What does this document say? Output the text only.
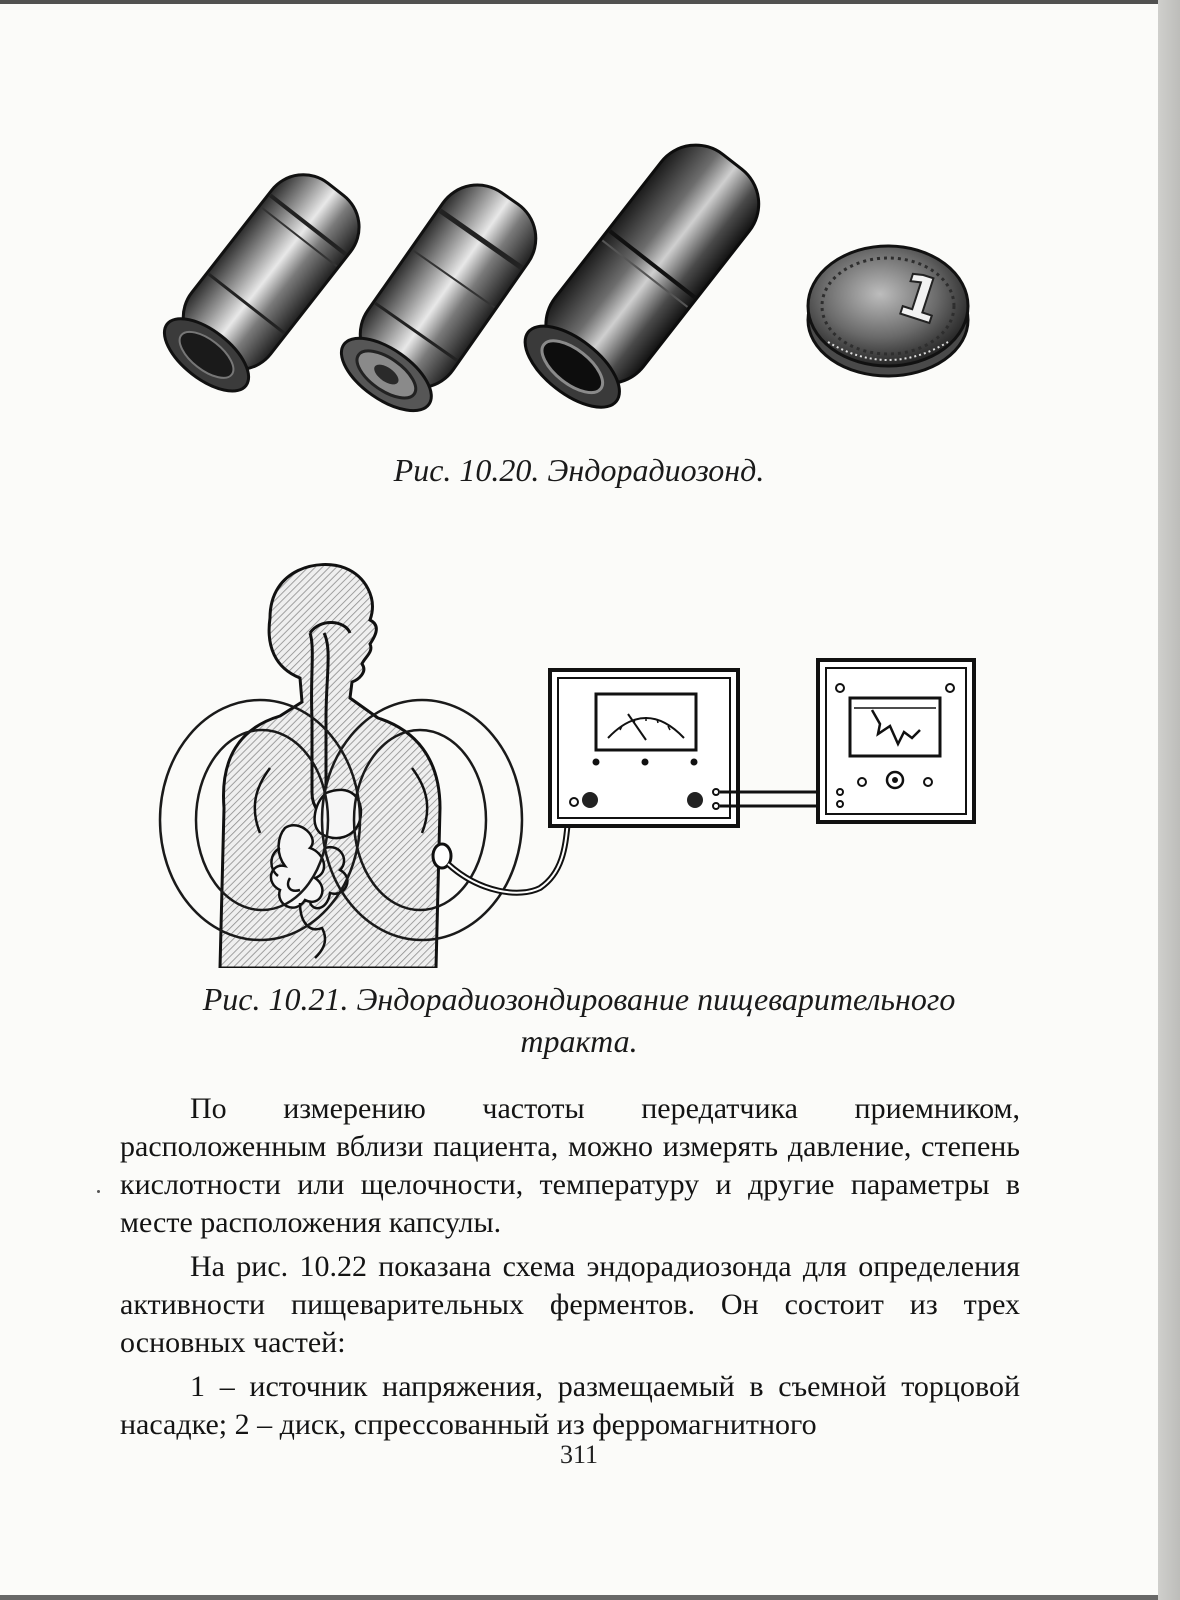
1
Рис. 10.20. Эндорадиозонд.
Рис. 10.21. Эндорадиозондирование пищеварительного
тракта.

По измерению частоты передатчика приемником, расположенным вблизи пациента, можно измерять давление, степень кислотности или щелочности, температуру и другие параметры в месте расположения капсулы.

На рис. 10.22 показана схема эндорадиозонда для определения активности пищеварительных ферментов. Он состоит из трех основных частей:

1 – источник напряжения, размещаемый в съемной торцовой насадке; 2 – диск, спрессованный из ферромагнитного

311
